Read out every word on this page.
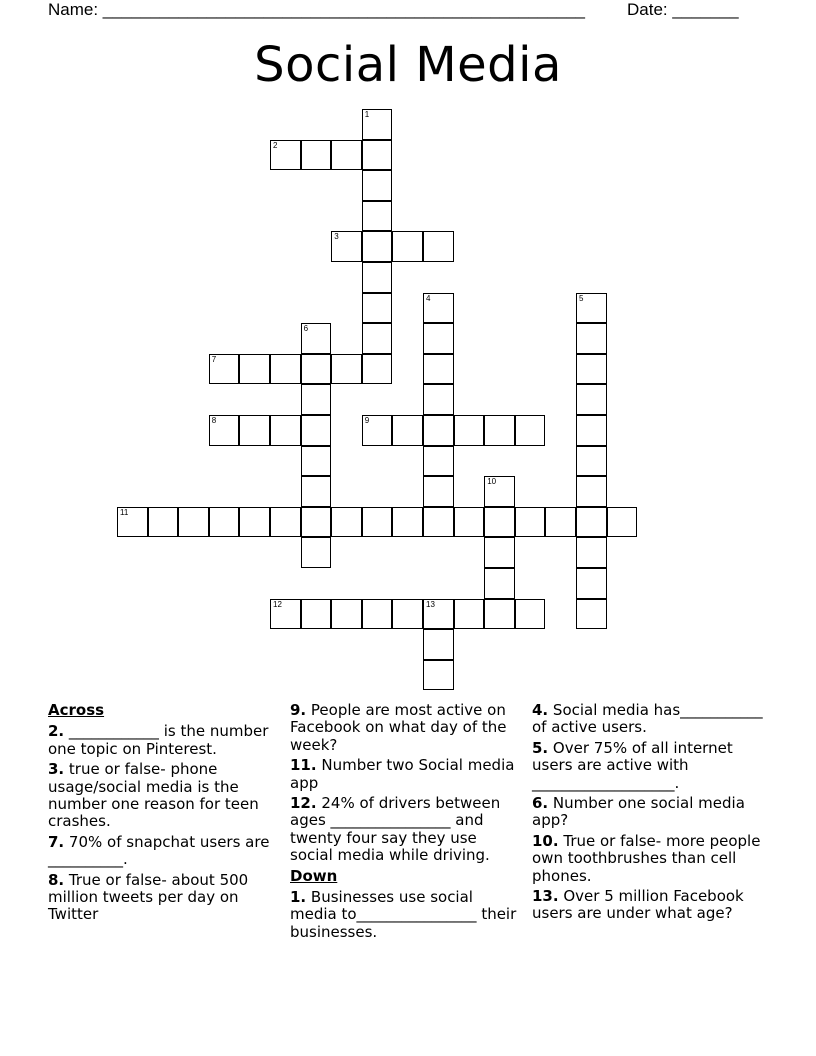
Name: ___________________________________________________ Date: _______
Social Media
1
2
3
4	5
6
7
8	9
10
11
12	13
Across
2. ____________ is the number one topic on Pinterest.
3. true or false- phone usage/social media is the number one reason for teen crashes.
7. 70% of snapchat users are __________.
8. True or false- about 500 million tweets per day on Twitter
9. People are most active on Facebook on what day of the week?
11. Number two Social media app
12. 24% of drivers between ages ________________ and twenty four say they use social media while driving.
Down
1. Businesses use social media to________________ their businesses.
4. Social media has___________ of active users.
5. Over 75% of all internet users are active with ___________________.
6. Number one social media app?
10. True or false- more people own toothbrushes than cell phones.
13. Over 5 million Facebook users are under what age?
